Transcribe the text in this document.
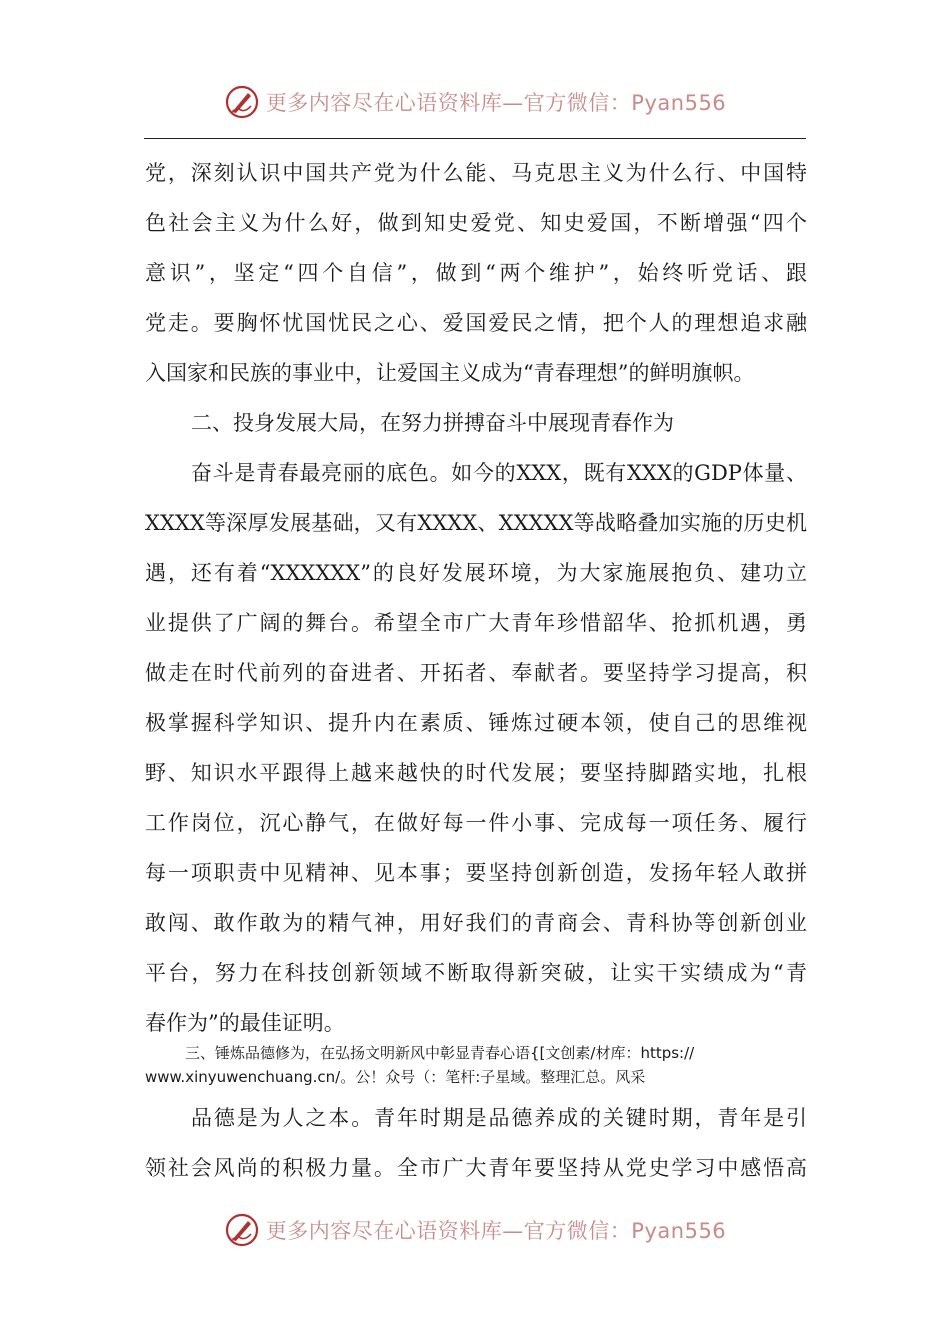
更多内容尽在心语资料库—官方微信：Pyan556
党，深刻认识中国共产党为什么能、马克思主义为什么行、中国特
色社会主义为什么好，做到知史爱党、知史爱国，不断增强“四个
意识”，坚定“四个自信”，做到“两个维护”，始终听党话、跟
党走。要胸怀忧国忧民之心、爱国爱民之情，把个人的理想追求融
入国家和民族的事业中，让爱国主义成为“青春理想”的鲜明旗帜。
二、投身发展大局，在努力拼搏奋斗中展现青春作为
奋斗是青春最亮丽的底色。如今的XXX，既有XXX的GDP体量、
XXXX等深厚发展基础，又有XXXX、XXXXX等战略叠加实施的历史机
遇，还有着“XXXXXX”的良好发展环境，为大家施展抱负、建功立
业提供了广阔的舞台。希望全市广大青年珍惜韶华、抢抓机遇，勇
做走在时代前列的奋进者、开拓者、奉献者。要坚持学习提高，积
极掌握科学知识、提升内在素质、锤炼过硬本领，使自己的思维视
野、知识水平跟得上越来越快的时代发展；要坚持脚踏实地，扎根
工作岗位，沉心静气，在做好每一件小事、完成每一项任务、履行
每一项职责中见精神、见本事；要坚持创新创造，发扬年轻人敢拼
敢闯、敢作敢为的精气神，用好我们的青商会、青科协等创新创业
平台，努力在科技创新领域不断取得新突破，让实干实绩成为“青
春作为”的最佳证明。
三、锤炼品德修为，在弘扬文明新风中彰显青春心语{[文创素/材库：https://
www.xinyuwenchuang.cn/。公！众号（：笔杆:子星域。整理汇总。风采
品德是为人之本。青年时期是品德养成的关键时期，青年是引
领社会风尚的积极力量。全市广大青年要坚持从党史学习中感悟高
更多内容尽在心语资料库—官方微信：Pyan556
